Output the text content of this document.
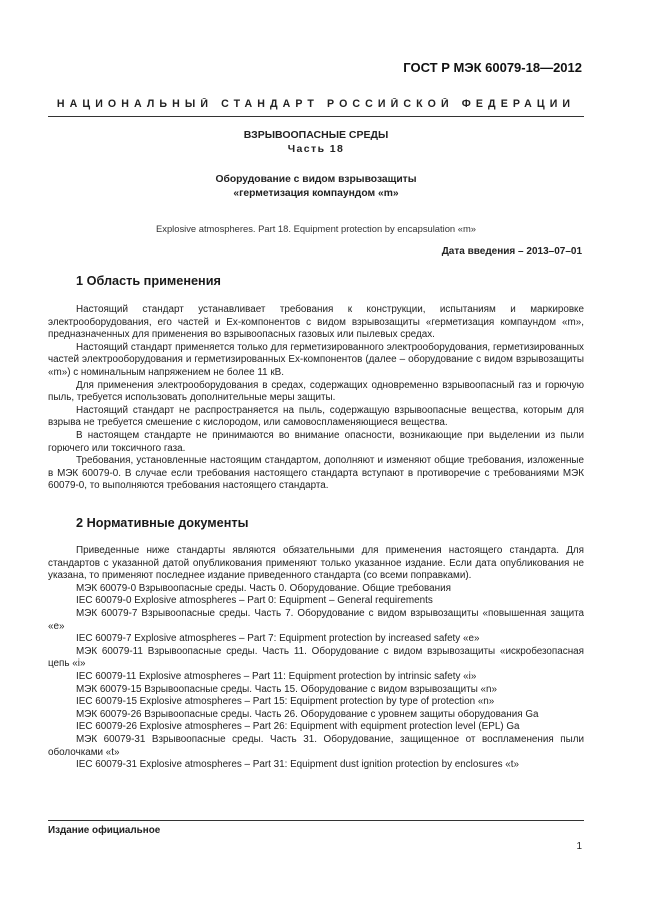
ГОСТ Р МЭК 60079-18—2012
НАЦИОНАЛЬНЫЙ СТАНДАРТ РОССИЙСКОЙ ФЕДЕРАЦИИ
ВЗРЫВООПАСНЫЕ СРЕДЫ
Часть 18
Оборудование с видом взрывозащиты
«герметизация компаундом «m»
Explosive atmospheres. Part 18. Equipment protection by encapsulation «m»
Дата введения – 2013–07–01
1 Область применения

Настоящий стандарт устанавливает требования к конструкции, испытаниям и маркировке электрооборудования, его частей и Ex-компонентов с видом взрывозащиты «герметизация компаундом «m», предназначенных для применения во взрывоопасных газовых или пылевых средах.

Настоящий стандарт применяется только для герметизированного электрооборудования, герметизированных частей электрооборудования и герметизированных Ex-компонентов (далее – оборудование с видом взрывозащиты «m») с номинальным напряжением не более 11 кВ.

Для применения электрооборудования в средах, содержащих одновременно взрывоопасный газ и горючую пыль, требуется использовать дополнительные меры защиты.

Настоящий стандарт не распространяется на пыль, содержащую взрывоопасные вещества, которым для взрыва не требуется смешение с кислородом, или самовоспламеняющиеся вещества.

В настоящем стандарте не принимаются во внимание опасности, возникающие при выделении из пыли горючего или токсичного газа.

Требования, установленные настоящим стандартом, дополняют и изменяют общие требования, изложенные в МЭК 60079-0. В случае если требования настоящего стандарта вступают в противоречие с требованиями МЭК 60079-0, то выполняются требования настоящего стандарта.

2 Нормативные документы

Приведенные ниже стандарты являются обязательными для применения настоящего стандарта. Для стандартов с указанной датой опубликования применяют только указанное издание. Если дата опубликования не указана, то применяют последнее издание приведенного стандарта (со всеми поправками).

МЭК 60079-0 Взрывоопасные среды. Часть 0. Оборудование. Общие требования

IEC 60079-0 Explosive atmospheres – Part 0: Equipment – General requirements

МЭК 60079-7 Взрывоопасные среды. Часть 7. Оборудование с видом взрывозащиты «повышенная защита «е»

IEC 60079-7 Explosive atmospheres – Part 7: Equipment protection by increased safety «e»

МЭК 60079-11 Взрывоопасные среды. Часть 11. Оборудование с видом взрывозащиты «искробезопасная цепь «i»

IEC 60079-11 Explosive atmospheres – Part 11: Equipment protection by intrinsic safety «i»

МЭК 60079-15 Взрывоопасные среды. Часть 15. Оборудование с видом взрывозащиты «n»

IEC 60079-15 Explosive atmospheres – Part 15: Equipment protection by type of protection «n»

МЭК 60079-26 Взрывоопасные среды. Часть 26. Оборудование с уровнем защиты оборудования Ga

IEC 60079-26 Explosive atmospheres – Part 26: Equipment with equipment protection level (EPL) Ga

МЭК 60079-31 Взрывоопасные среды. Часть 31. Оборудование, защищенное от воспламенения пыли оболочками «t»

IEC 60079-31 Explosive atmospheres – Part 31: Equipment dust ignition protection by enclosures «t»

Издание официальное
1
